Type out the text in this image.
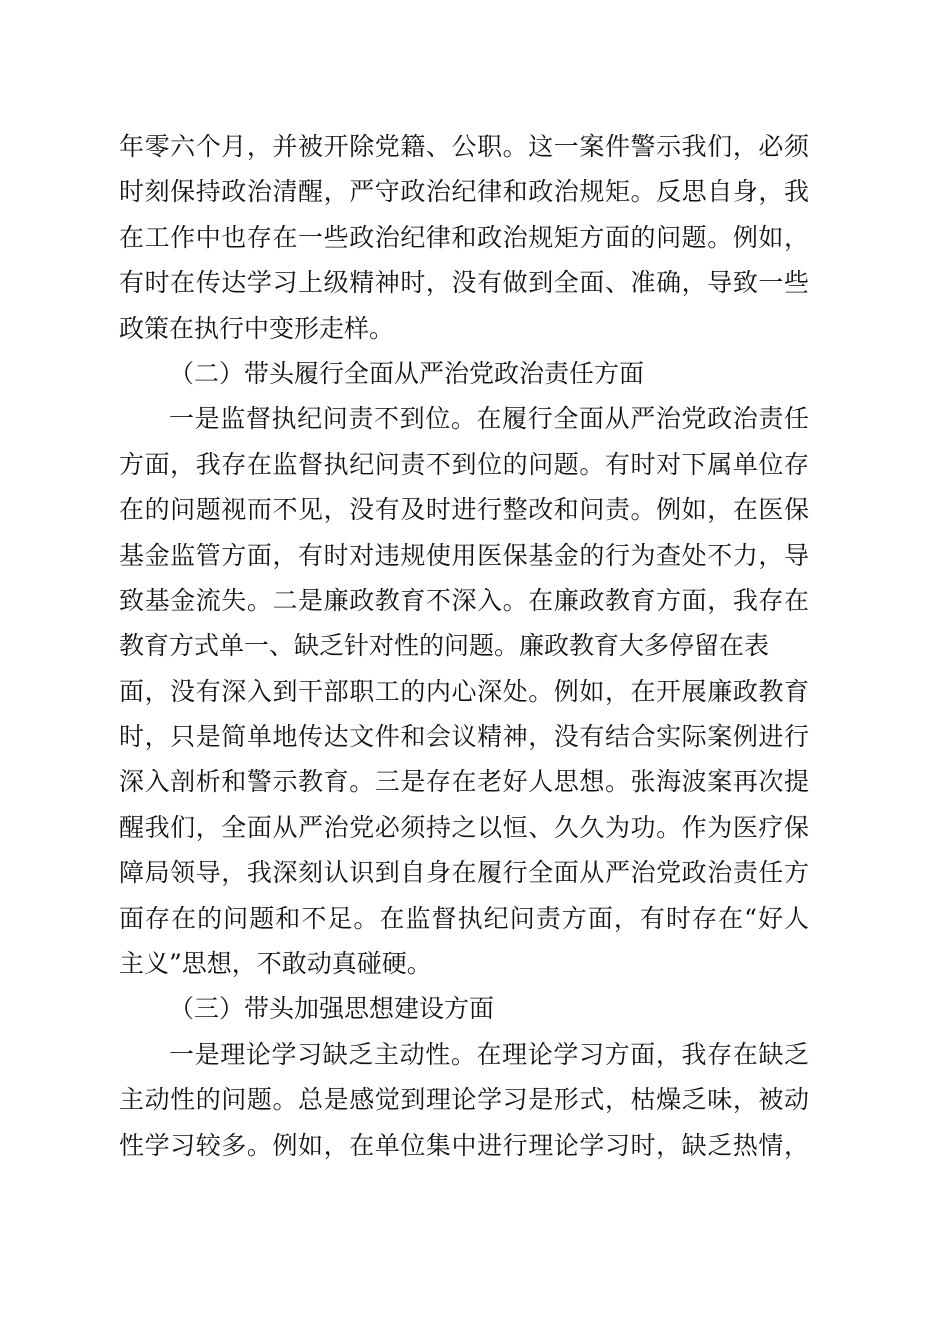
年零六个月，并被开除党籍、公职。这一案件警示我们，必须
时刻保持政治清醒，严守政治纪律和政治规矩。反思自身，我
在工作中也存在一些政治纪律和政治规矩方面的问题。例如，
有时在传达学习上级精神时，没有做到全面、准确，导致一些
政策在执行中变形走样。
（二）带头履行全面从严治党政治责任方面
一是监督执纪问责不到位。在履行全面从严治党政治责任
方面，我存在监督执纪问责不到位的问题。有时对下属单位存
在的问题视而不见，没有及时进行整改和问责。例如，在医保
基金监管方面，有时对违规使用医保基金的行为查处不力，导
致基金流失。二是廉政教育不深入。在廉政教育方面，我存在
教育方式单一、缺乏针对性的问题。廉政教育大多停留在表
面，没有深入到干部职工的内心深处。例如，在开展廉政教育
时，只是简单地传达文件和会议精神，没有结合实际案例进行
深入剖析和警示教育。三是存在老好人思想。张海波案再次提
醒我们，全面从严治党必须持之以恒、久久为功。作为医疗保
障局领导，我深刻认识到自身在履行全面从严治党政治责任方
面存在的问题和不足。在监督执纪问责方面，有时存在“好人
主义”思想，不敢动真碰硬。
（三）带头加强思想建设方面
一是理论学习缺乏主动性。在理论学习方面，我存在缺乏
主动性的问题。总是感觉到理论学习是形式，枯燥乏味，被动
性学习较多。例如，在单位集中进行理论学习时，缺乏热情，
